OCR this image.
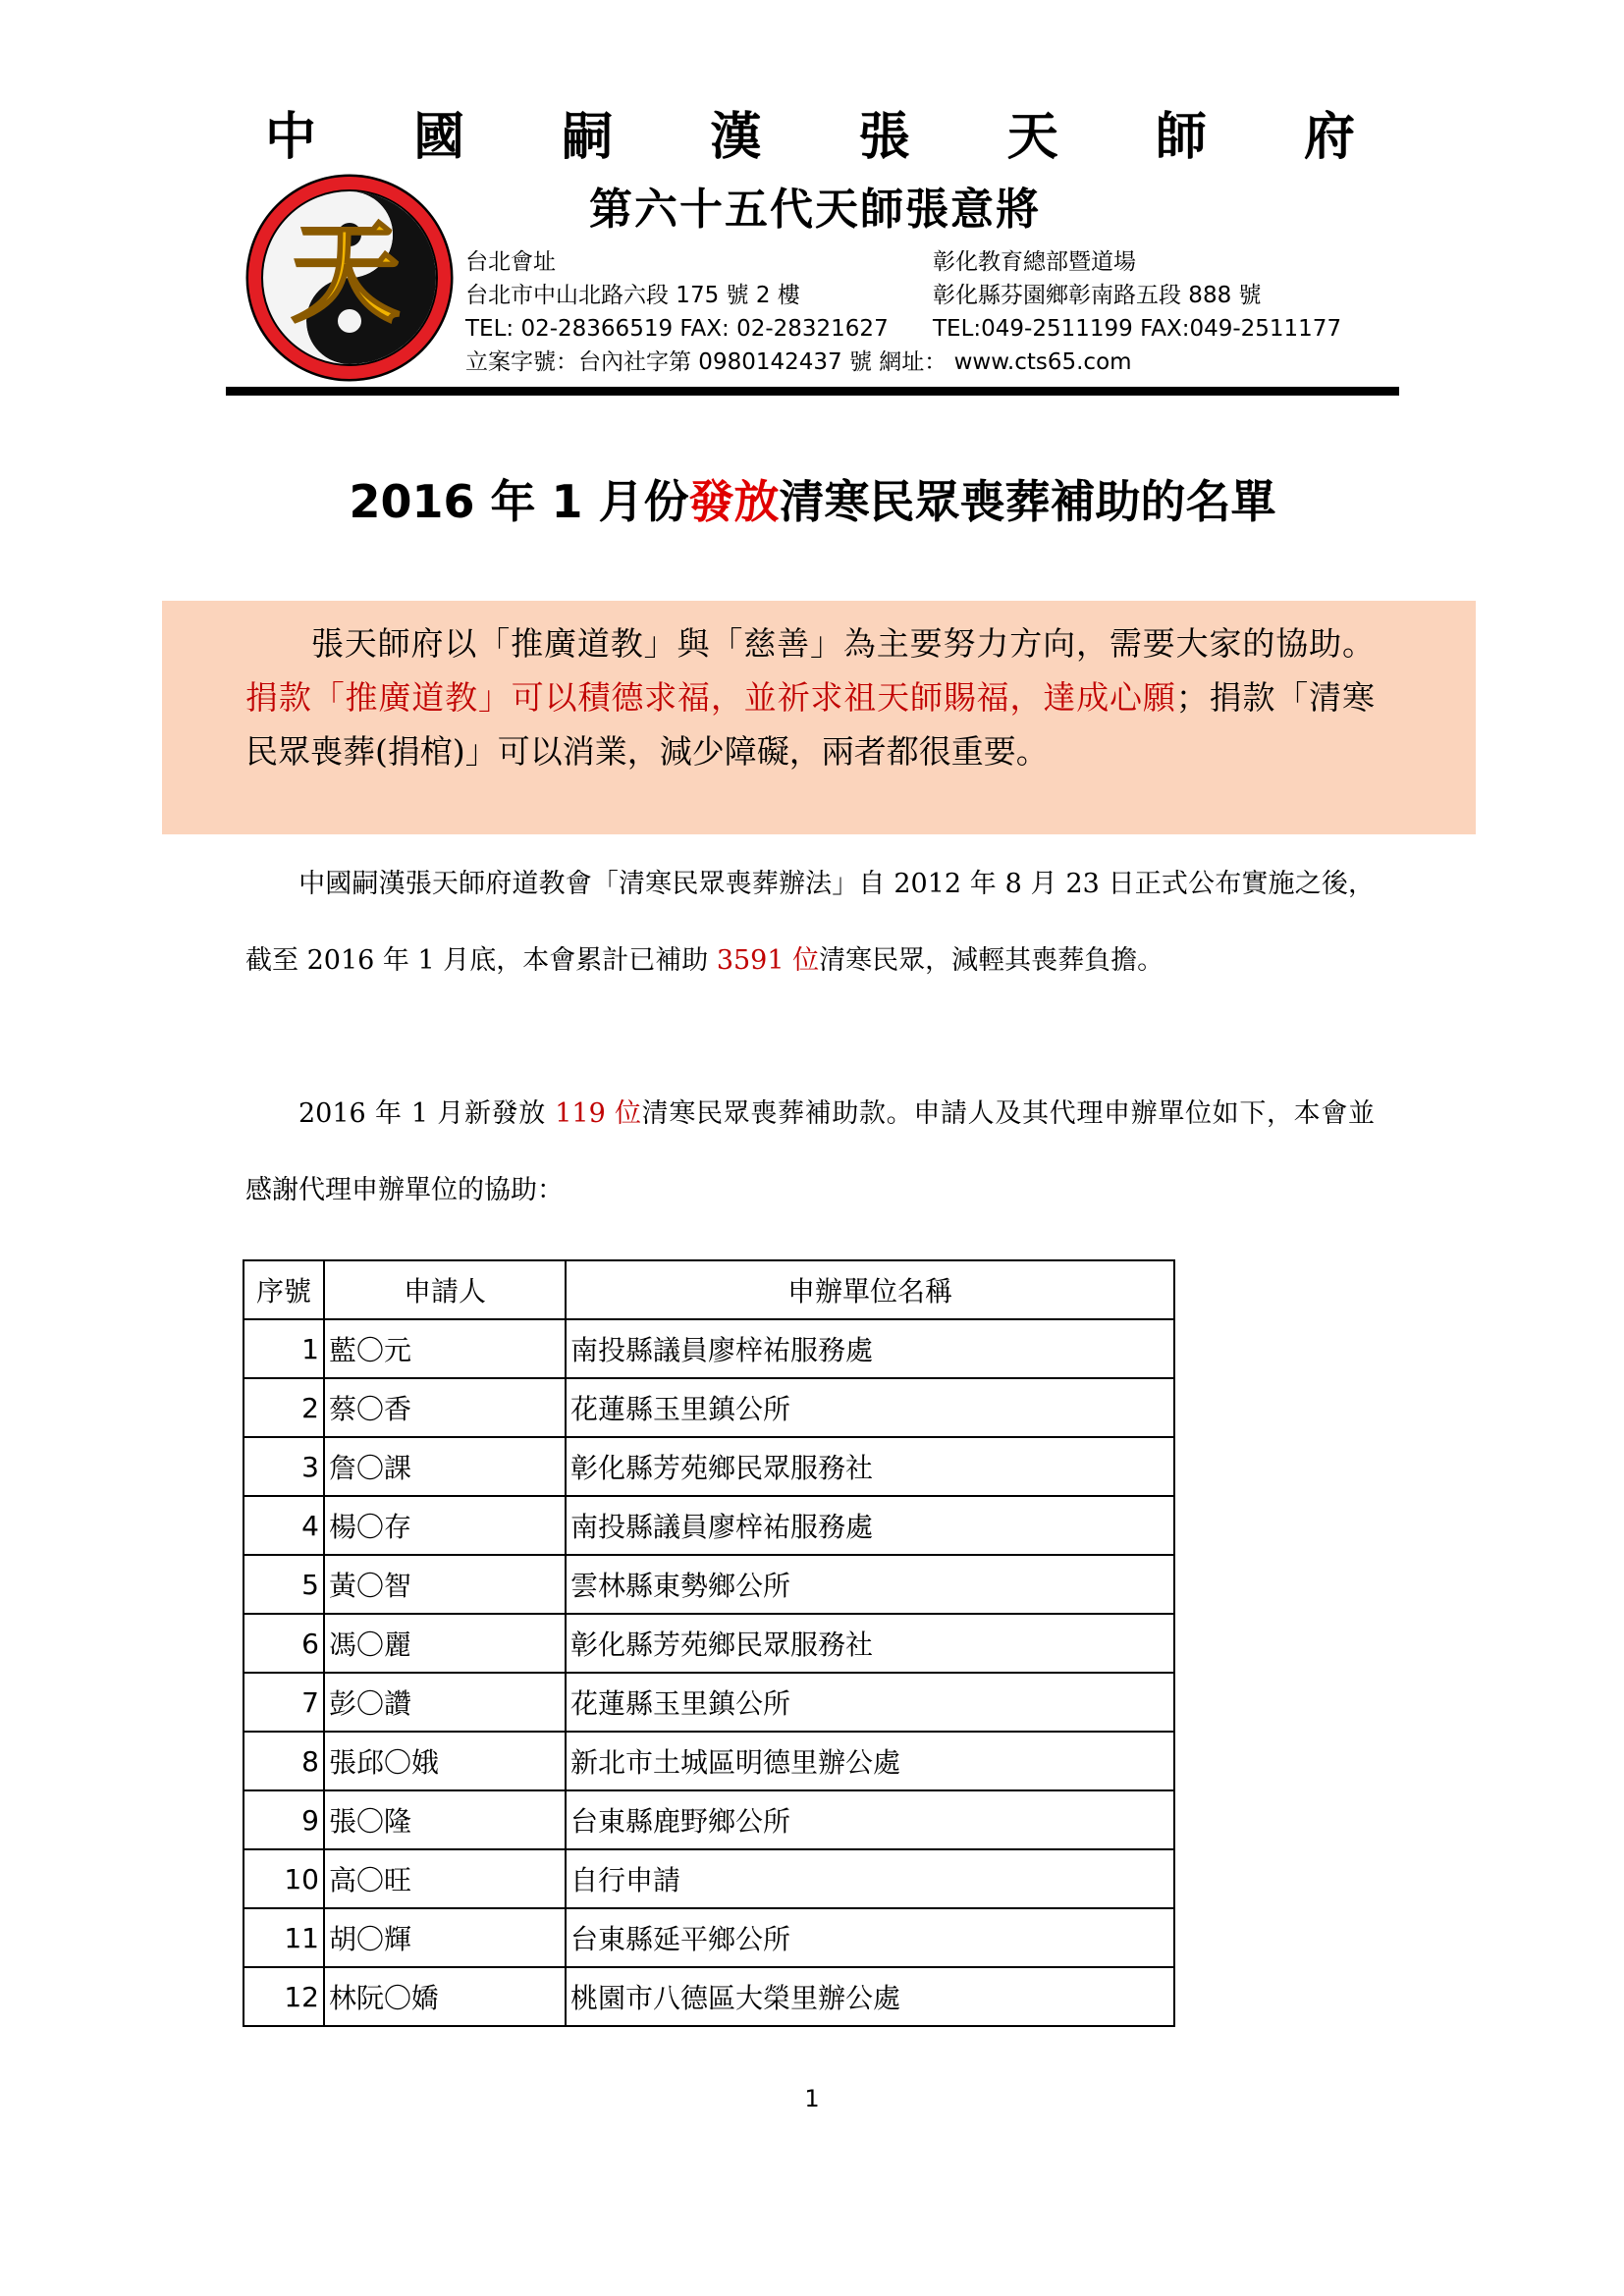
中 國 嗣 漢 張 天 師 府
第六十五代天師張意將
天	台北會址
台北市中山北路六段 175 號 2 樓
TEL: 02-28366519 FAX: 02-28321627
彰化教育總部暨道場
彰化縣芬園鄉彰南路五段 888 號
TEL:049-2511199 FAX:049-2511177
立案字號：台內社字第 0980142437 號 網址： www.cts65.com
2016 年 1 月份發放清寒民眾喪葬補助的名單
  張天師府以「推廣道教」與「慈善」為主要努力方向，需要大家的協助。捐款「推廣道教」可以積德求福，並祈求祖天師賜福，達成心願；捐款「清寒民眾喪葬(捐棺)」可以消業，減少障礙，兩者都很重要。
  中國嗣漢張天師府道教會「清寒民眾喪葬辦法」自 2012 年 8 月 23 日正式公布實施之後，截至 2016 年 1 月底，本會累計已補助 3591 位清寒民眾，減輕其喪葬負擔。
  2016 年 1 月新發放 119 位清寒民眾喪葬補助款。申請人及其代理申辦單位如下，本會並感謝代理申辦單位的協助：
序號	申請人	申辦單位名稱
1	藍〇元	南投縣議員廖梓祐服務處
2	蔡〇香	花蓮縣玉里鎮公所
3	詹〇課	彰化縣芳苑鄉民眾服務社
4	楊〇存	南投縣議員廖梓祐服務處
5	黃〇智	雲林縣東勢鄉公所
6	馮〇麗	彰化縣芳苑鄉民眾服務社
7	彭〇讚	花蓮縣玉里鎮公所
8	張邱〇娥	新北市土城區明德里辦公處
9	張〇隆	台東縣鹿野鄉公所
10	高〇旺	自行申請
11	胡〇輝	台東縣延平鄉公所
12	林阮〇嬌	桃園市八德區大榮里辦公處
1
